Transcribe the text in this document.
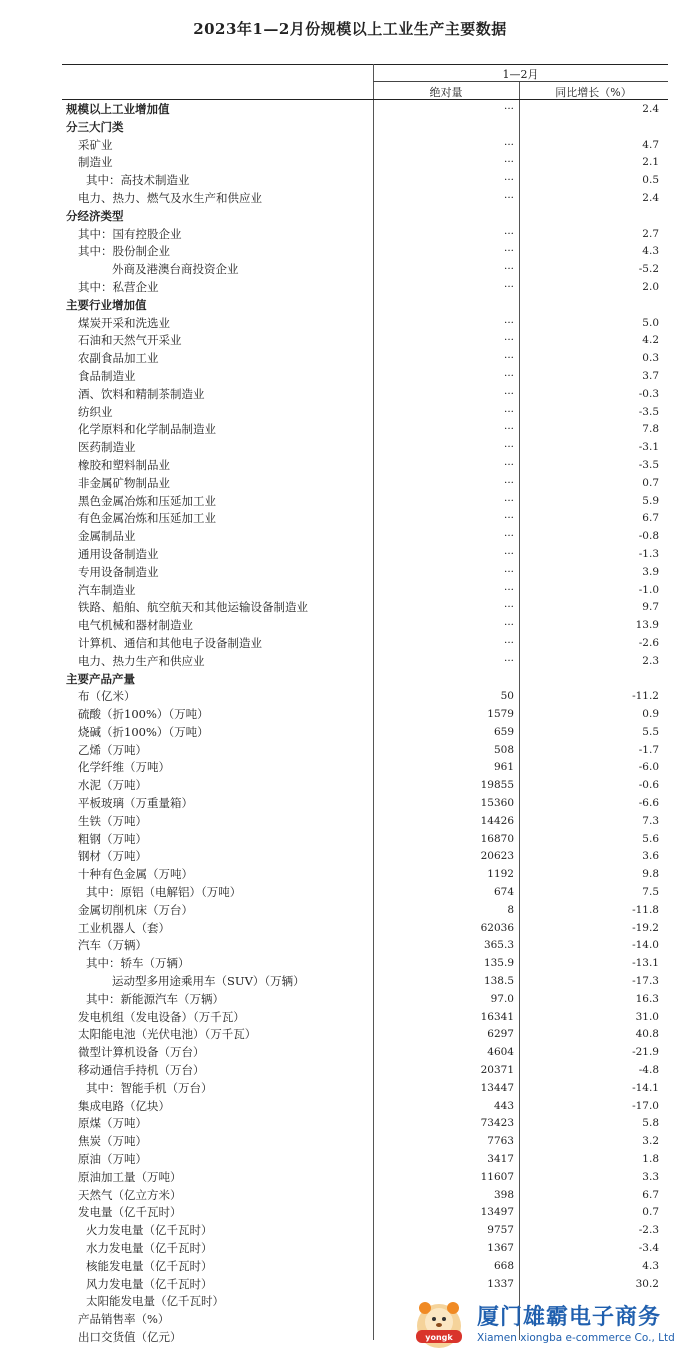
2023年1—2月份规模以上工业生产主要数据
1—2月
绝对量	同比增长（%）
规模以上工业增加值	···	2.4
分三大门类
采矿业	···	4.7
制造业	···	2.1
其中：高技术制造业	···	0.5
电力、热力、燃气及水生产和供应业	···	2.4
分经济类型
其中：国有控股企业	···	2.7
其中：股份制企业	···	4.3
外商及港澳台商投资企业	···	-5.2
其中：私营企业	···	2.0
主要行业增加值
煤炭开采和洗选业	···	5.0
石油和天然气开采业	···	4.2
农副食品加工业	···	0.3
食品制造业	···	3.7
酒、饮料和精制茶制造业	···	-0.3
纺织业	···	-3.5
化学原料和化学制品制造业	···	7.8
医药制造业	···	-3.1
橡胶和塑料制品业	···	-3.5
非金属矿物制品业	···	0.7
黑色金属冶炼和压延加工业	···	5.9
有色金属冶炼和压延加工业	···	6.7
金属制品业	···	-0.8
通用设备制造业	···	-1.3
专用设备制造业	···	3.9
汽车制造业	···	-1.0
铁路、船舶、航空航天和其他运输设备制造业	···	9.7
电气机械和器材制造业	···	13.9
计算机、通信和其他电子设备制造业	···	-2.6
电力、热力生产和供应业	···	2.3
主要产品产量
布（亿米）	50	-11.2
硫酸（折100%）（万吨）	1579	0.9
烧碱（折100%）（万吨）	659	5.5
乙烯（万吨）	508	-1.7
化学纤维（万吨）	961	-6.0
水泥（万吨）	19855	-0.6
平板玻璃（万重量箱）	15360	-6.6
生铁（万吨）	14426	7.3
粗钢（万吨）	16870	5.6
钢材（万吨）	20623	3.6
十种有色金属（万吨）	1192	9.8
其中：原铝（电解铝）（万吨）	674	7.5
金属切削机床（万台）	8	-11.8
工业机器人（套）	62036	-19.2
汽车（万辆）	365.3	-14.0
其中：轿车（万辆）	135.9	-13.1
运动型多用途乘用车（SUV）（万辆）	138.5	-17.3
其中：新能源汽车（万辆）	97.0	16.3
发电机组（发电设备）（万千瓦）	16341	31.0
太阳能电池（光伏电池）（万千瓦）	6297	40.8
微型计算机设备（万台）	4604	-21.9
移动通信手持机（万台）	20371	-4.8
其中：智能手机（万台）	13447	-14.1
集成电路（亿块）	443	-17.0
原煤（万吨）	73423	5.8
焦炭（万吨）	7763	3.2
原油（万吨）	3417	1.8
原油加工量（万吨）	11607	3.3
天然气（亿立方米）	398	6.7
发电量（亿千瓦时）	13497	0.7
火力发电量（亿千瓦时）	9757	-2.3
水力发电量（亿千瓦时）	1367	-3.4
核能发电量（亿千瓦时）	668	4.3
风力发电量（亿千瓦时）	1337	30.2
太阳能发电量（亿千瓦时）
产品销售率（%）
出口交货值（亿元）	yongk
厦门雄霸电子商务
Xiamen xiongba e-commerce Co., Ltd
